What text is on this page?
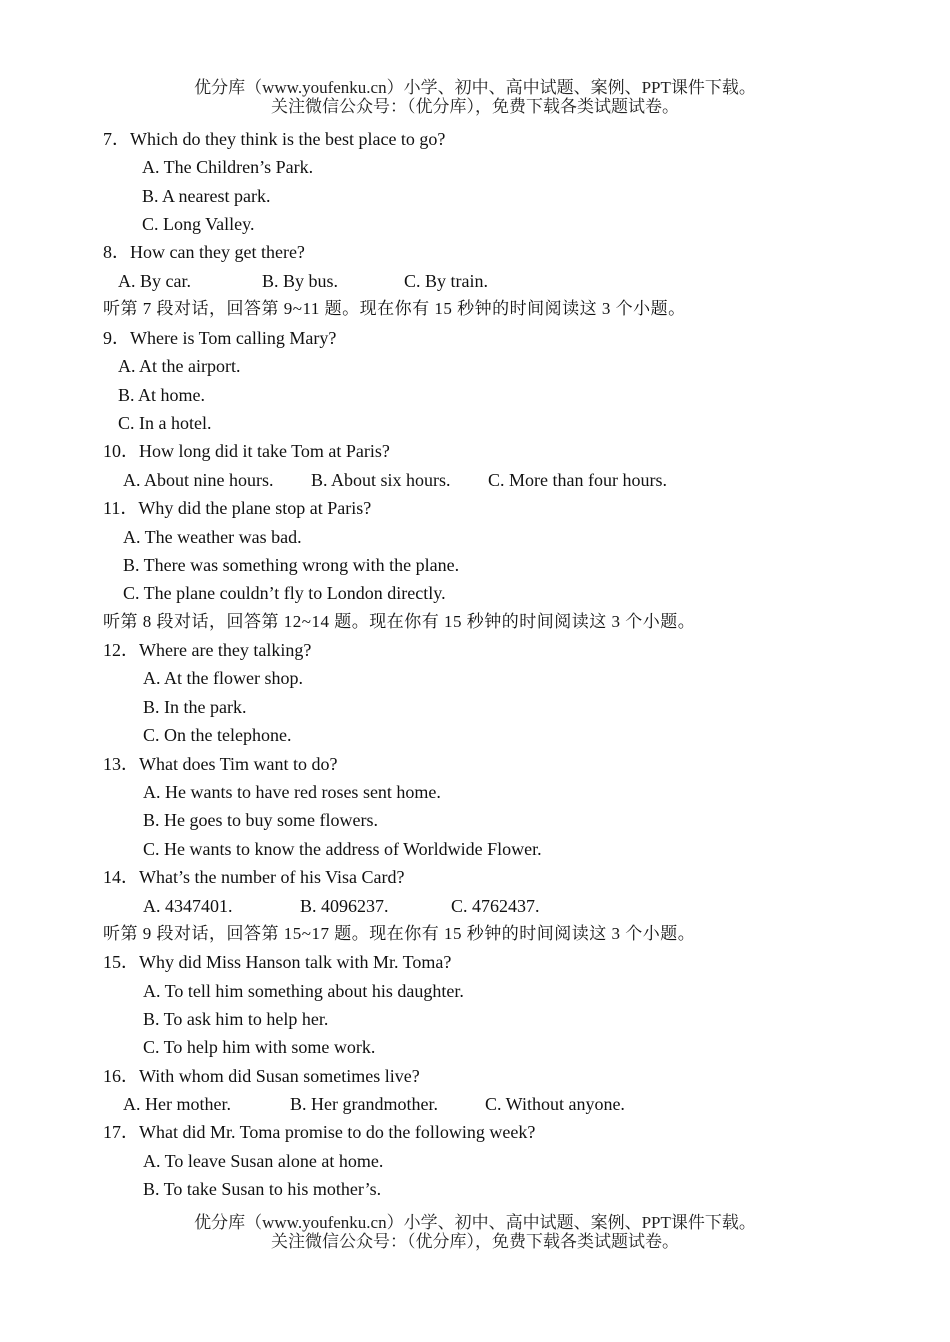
优分库（www.youfenku.cn）小学、初中、高中试题、案例、PPT课件下载。
关注微信公众号：（优分库），免费下载各类试题试卷。
7．Which do they think is the best place to go?
A. The Children’s Park.
B. A nearest park.
C. Long Valley.
8．How can they get there?
A. By car.	B. By bus.	C. By train.
听第 7 段对话，回答第 9~11 题。现在你有 15 秒钟的时间阅读这 3 个小题。
9．Where is Tom calling Mary?
A. At the airport.
B. At home.
C. In a hotel.
10．How long did it take Tom at Paris?
A. About nine hours. B. About six hours. C. More than four hours.
11．Why did the plane stop at Paris?
A. The weather was bad.
B. There was something wrong with the plane.
C. The plane couldn’t fly to London directly.
听第 8 段对话，回答第 12~14 题。现在你有 15 秒钟的时间阅读这 3 个小题。
12．Where are they talking?
A. At the flower shop.
B. In the park.
C. On the telephone.
13．What does Tim want to do?
A. He wants to have red roses sent home.
B. He goes to buy some flowers.
C. He wants to know the address of Worldwide Flower.
14．What’s the number of his Visa Card?
A. 4347401.	B. 4096237.	C. 4762437.
听第 9 段对话，回答第 15~17 题。现在你有 15 秒钟的时间阅读这 3 个小题。
15．Why did Miss Hanson talk with Mr. Toma?
A. To tell him something about his daughter.
B. To ask him to help her.
C. To help him with some work.
16．With whom did Susan sometimes live?
A. Her mother.	B. Her grandmother.	C. Without anyone.
17．What did Mr. Toma promise to do the following week?
A. To leave Susan alone at home.
B. To take Susan to his mother’s.
优分库（www.youfenku.cn）小学、初中、高中试题、案例、PPT课件下载。
关注微信公众号：（优分库），免费下载各类试题试卷。
